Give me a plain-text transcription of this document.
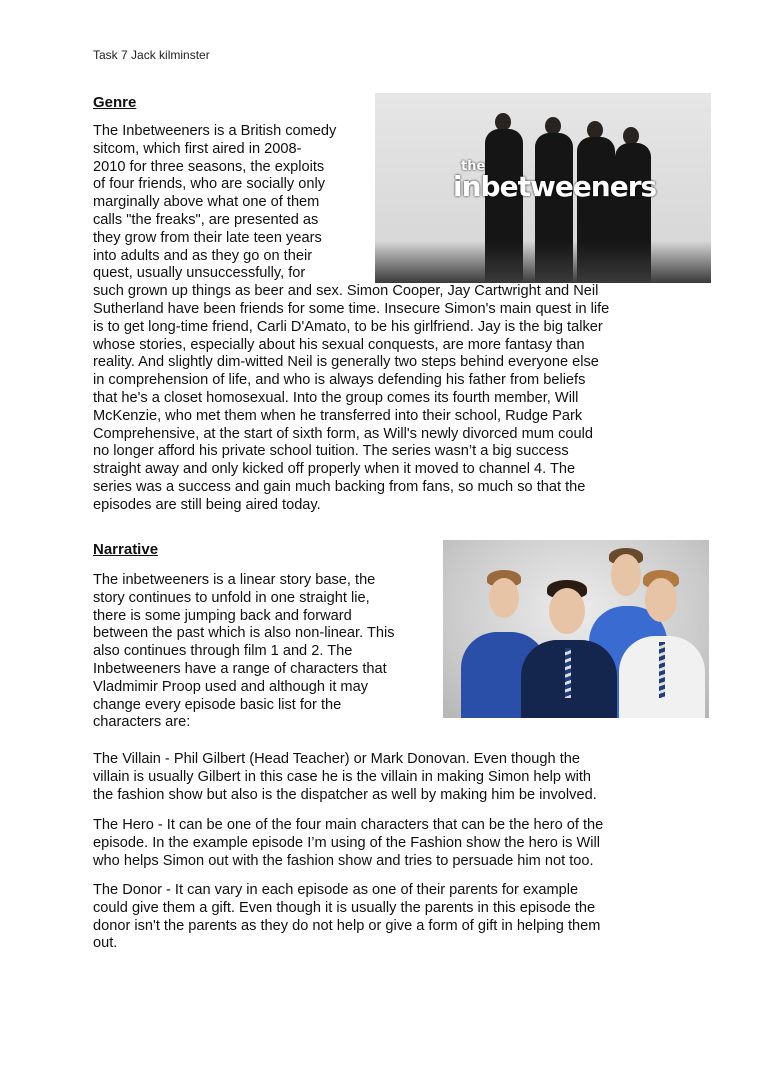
Task 7 Jack kilminster
Genre
the
inbetweeners

The Inbetweeners is a British comedy
sitcom, which first aired in 2008-
2010 for three seasons, the exploits
of four friends, who are socially only
marginally above what one of them
calls "the freaks", are presented as
they grow from their late teen years
into adults and as they go on their
quest, usually unsuccessfully, for
such grown up things as beer and sex. Simon Cooper, Jay Cartwright and Neil
Sutherland have been friends for some time. Insecure Simon's main quest in life
is to get long-time friend, Carli D'Amato, to be his girlfriend. Jay is the big talker
whose stories, especially about his sexual conquests, are more fantasy than
reality. And slightly dim-witted Neil is generally two steps behind everyone else
in comprehension of life, and who is always defending his father from beliefs
that he's a closet homosexual. Into the group comes its fourth member, Will
McKenzie, who met them when he transferred into their school, Rudge Park
Comprehensive, at the start of sixth form, as Will's newly divorced mum could
no longer afford his private school tuition. The series wasn’t a big success
straight away and only kicked off properly when it moved to channel 4. The
series was a success and gain much backing from fans, so much so that the
episodes are still being aired today.

Narrative

The inbetweeners is a linear story base, the
story continues to unfold in one straight lie,
there is some jumping back and forward
between the past which is also non-linear. This
also continues through film 1 and 2. The
Inbetweeners have a range of characters that
Vladmimir Proop used and although it may
change every episode basic list for the
characters are:

The Villain - Phil Gilbert (Head Teacher) or Mark Donovan. Even though the
villain is usually Gilbert in this case he is the villain in making Simon help with
the fashion show but also is the dispatcher as well by making him be involved.

The Hero - It can be one of the four main characters that can be the hero of the
episode. In the example episode I’m using of the Fashion show the hero is Will
who helps Simon out with the fashion show and tries to persuade him not too.

The Donor - It can vary in each episode as one of their parents for example
could give them a gift. Even though it is usually the parents in this episode the
donor isn't the parents as they do not help or give a form of gift in helping them
out.
